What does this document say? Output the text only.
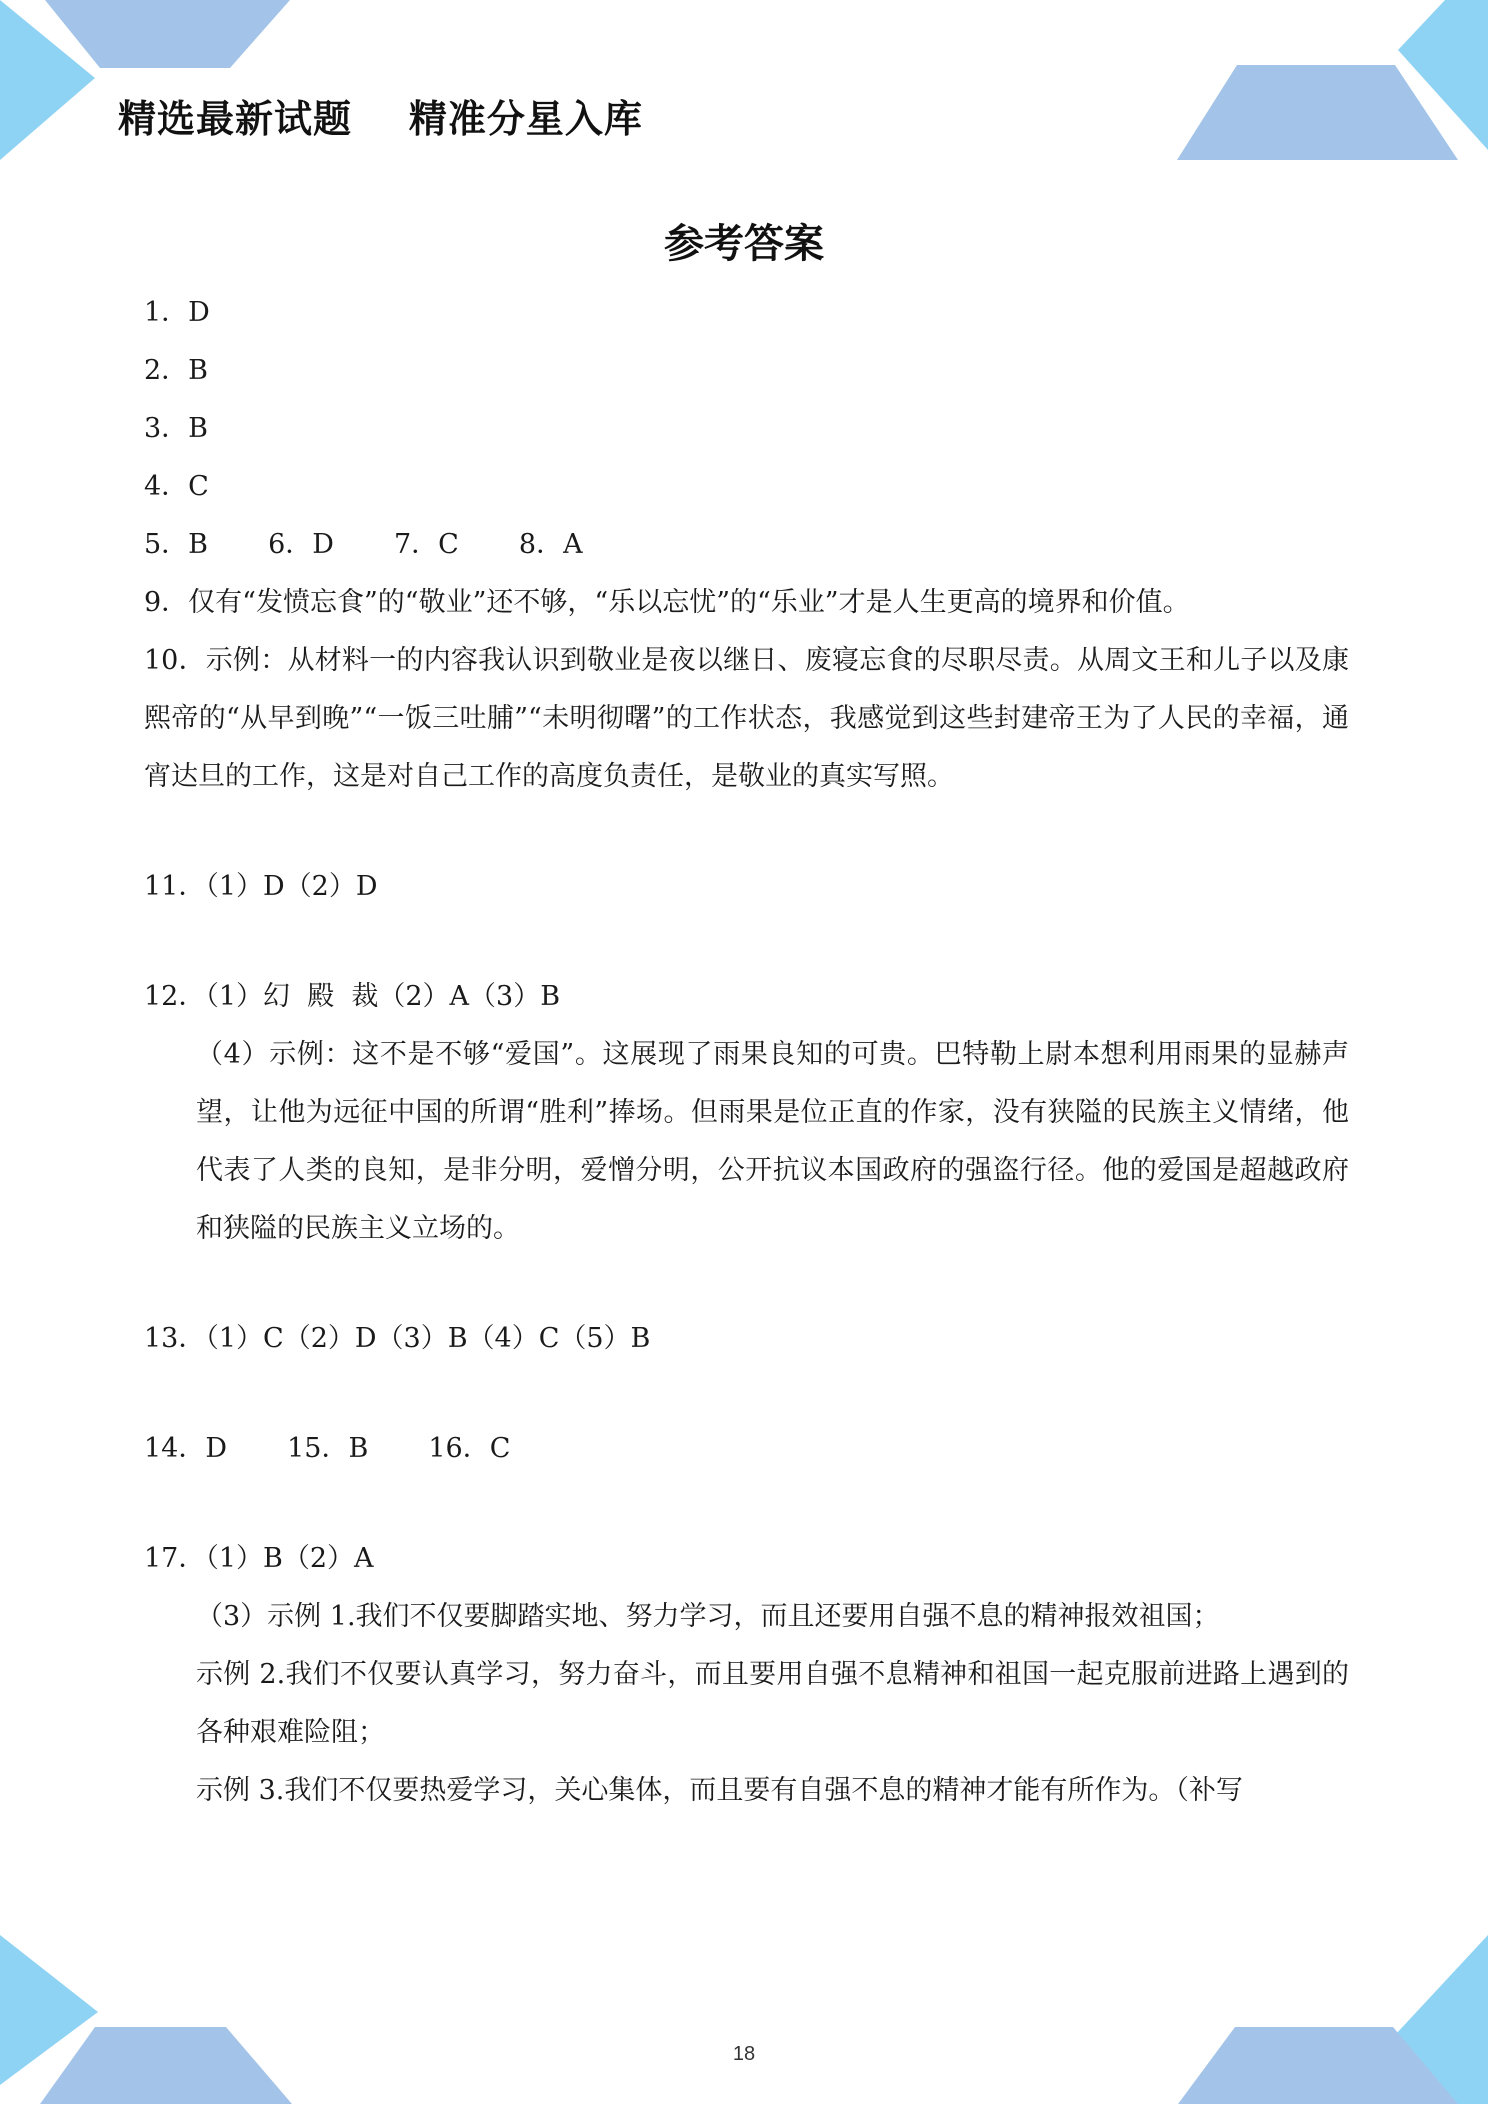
精选最新试题    精准分星入库
参考答案

1．D

2．B

3．B

4．C

5．B       6．D       7．C       8．A

9．仅有“发愤忘食”的“敬业”还不够，“乐以忘忧”的“乐业”才是人生更高的境界和价值。

10．示例：从材料一的内容我认识到敬业是夜以继日、废寝忘食的尽职尽责。从周文王和儿子以及康熙帝的“从早到晚”“一饭三吐脯”“未明彻曙”的工作状态，我感觉到这些封建帝王为了人民的幸福，通宵达旦的工作，这是对自己工作的高度负责任，是敬业的真实写照。

11．（1）D（2）D

12．（1）幻  殿  裁（2）A（3）B

（4）示例：这不是不够“爱国”。这展现了雨果良知的可贵。巴特勒上尉本想利用雨果的显赫声望，让他为远征中国的所谓“胜利”捧场。但雨果是位正直的作家，没有狭隘的民族主义情绪，他代表了人类的良知，是非分明，爱憎分明，公开抗议本国政府的强盗行径。他的爱国是超越政府和狭隘的民族主义立场的。

13．（1）C（2）D（3）B（4）C（5）B

14．D       15．B       16．C

17．（1）B（2）A

（3）示例 1.我们不仅要脚踏实地、努力学习，而且还要用自强不息的精神报效祖国；

示例 2.我们不仅要认真学习，努力奋斗，而且要用自强不息精神和祖国一起克服前进路上遇到的各种艰难险阻；

示例 3.我们不仅要热爱学习，关心集体，而且要有自强不息的精神才能有所作为。（补写

18
